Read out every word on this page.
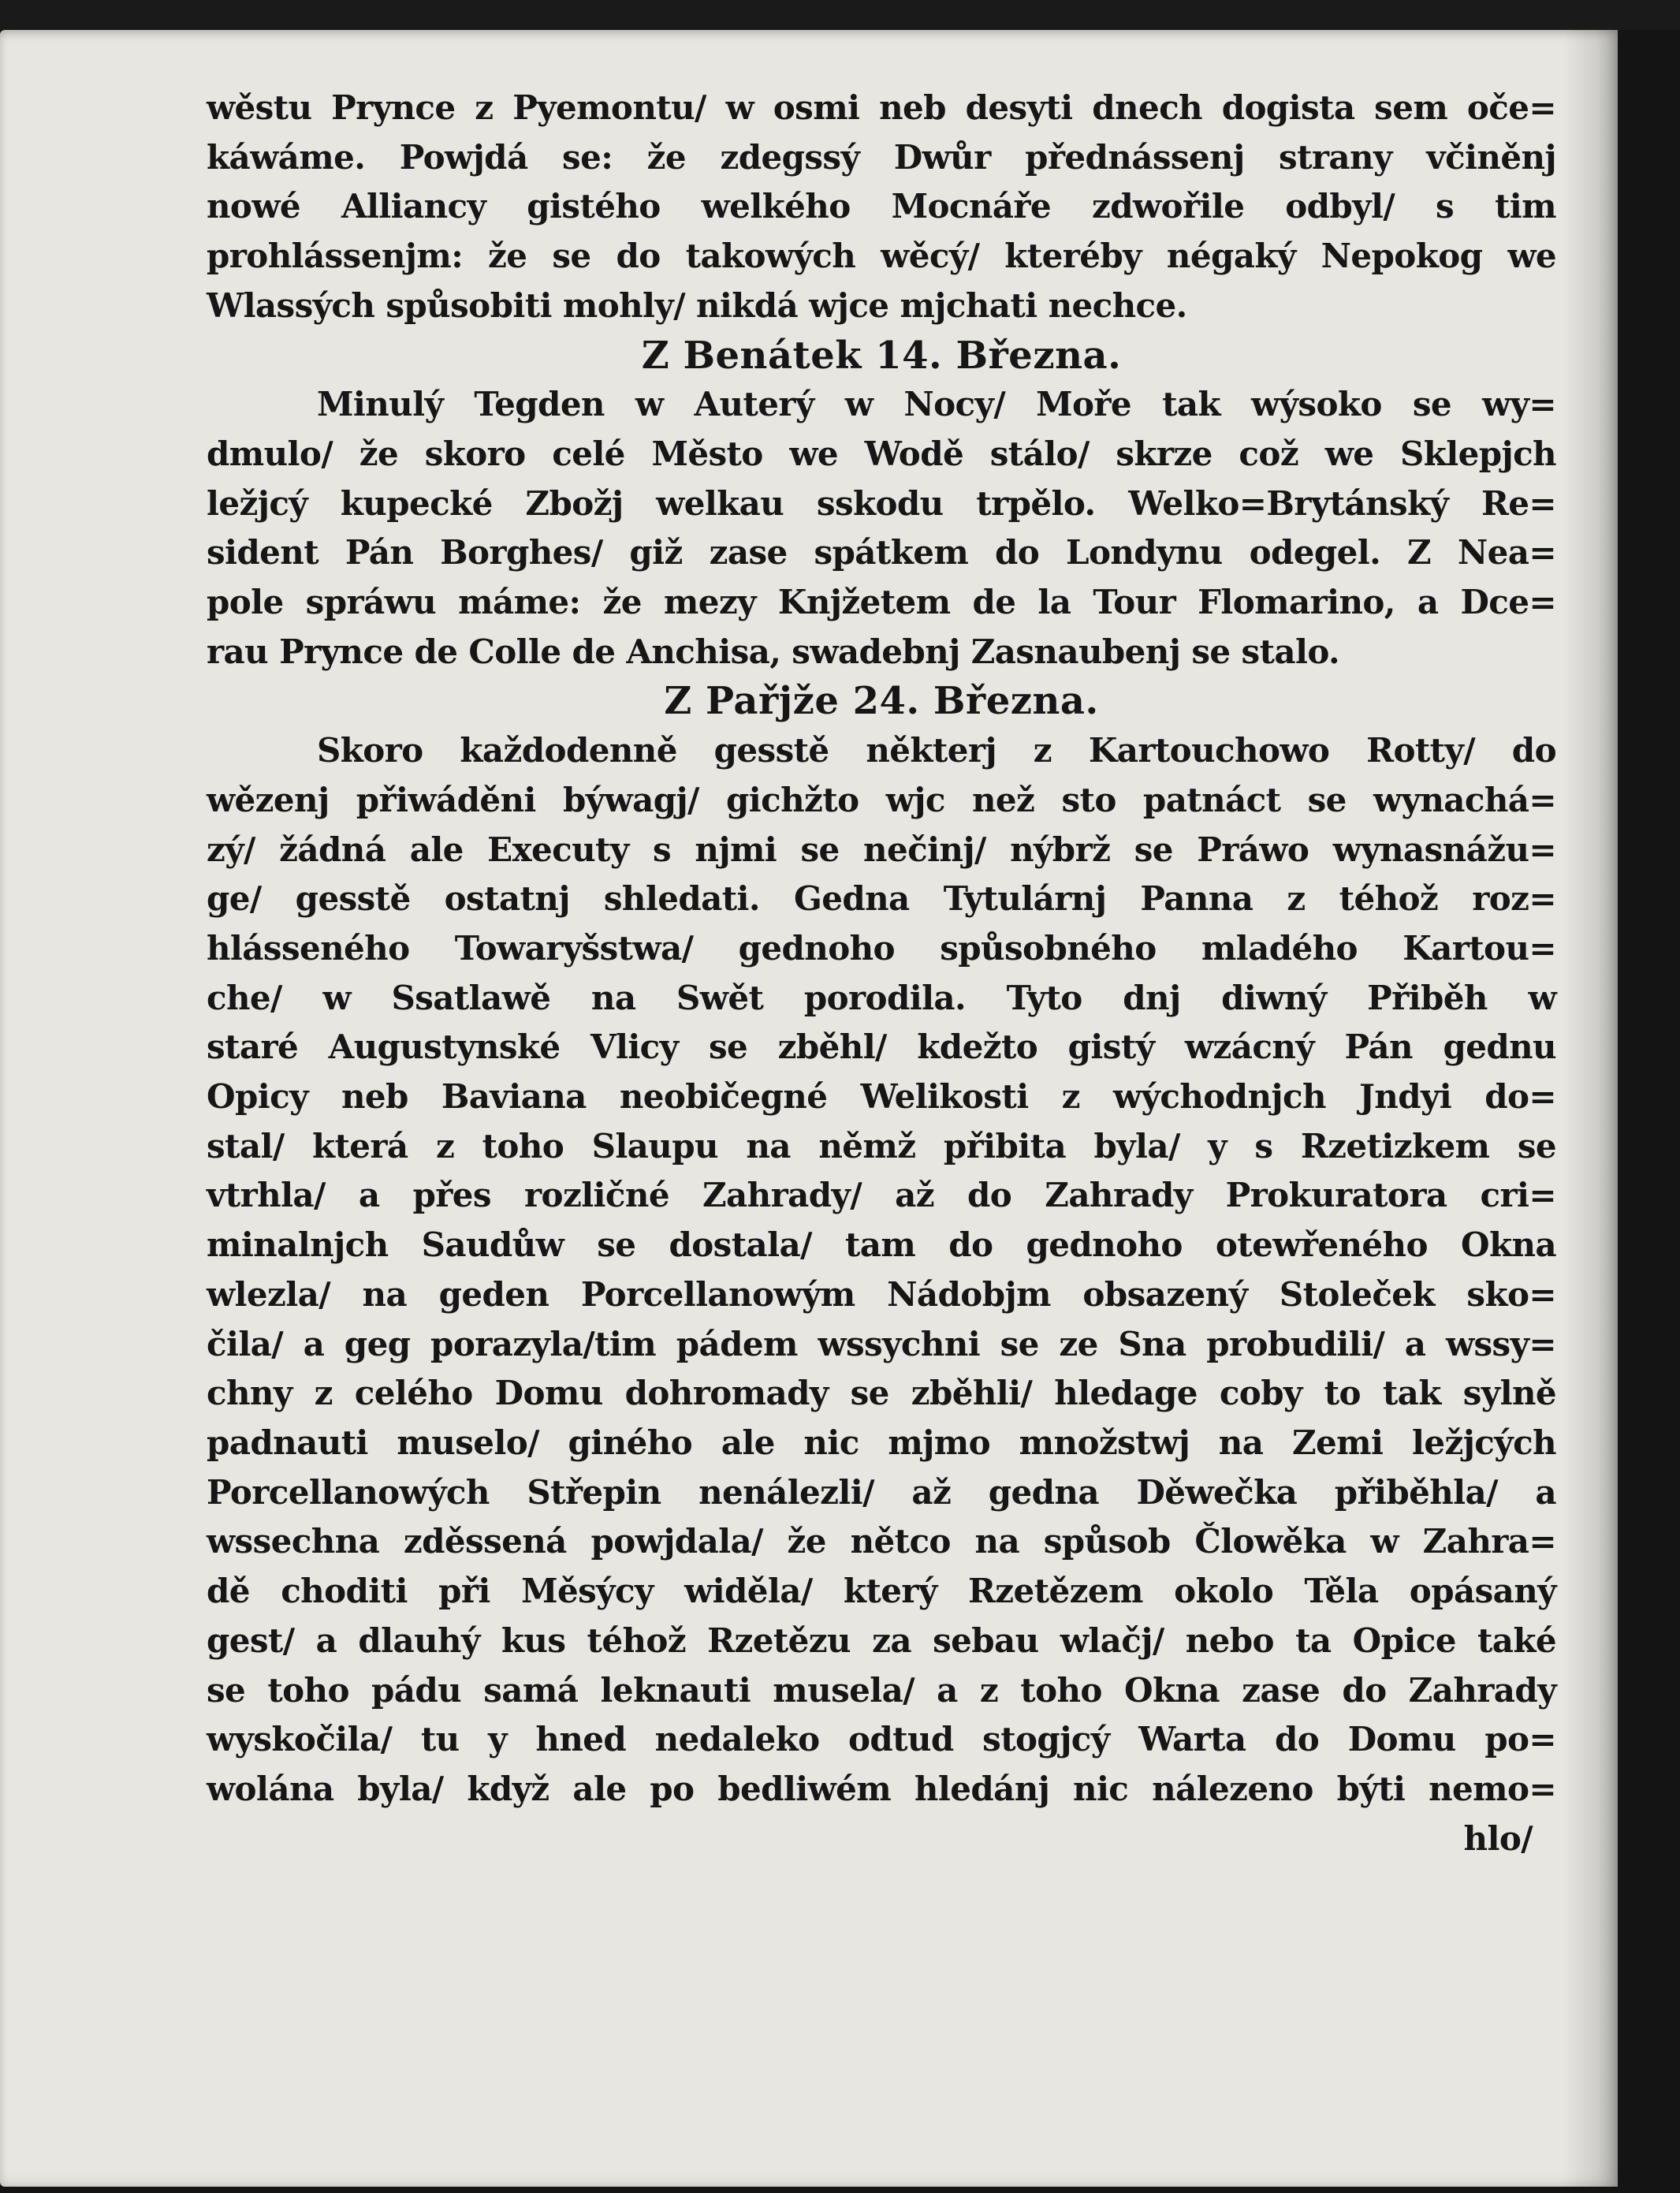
wěstu Prynce z Pyemontu/ w osmi neb desyti dnech dogista sem oče=
káwáme. Powjdá se: že zdegssý Dwůr přednássenj strany včiněnj
nowé Alliancy gistého welkého Mocnáře zdwořile odbyl/ s tim
prohlássenjm: že se do takowých wěcý/ kteréby négaký Nepokog we
Wlassých spůsobiti mohly/ nikdá wjce mjchati nechce.
Z Benátek 14. Března.
Minulý Tegden w Auterý w Nocy/ Moře tak wýsoko se wy=
dmulo/ že skoro celé Město we Wodě stálo/ skrze což we Sklepjch
ležjcý kupecké Zbožj welkau sskodu trpělo. Welko=Brytánský Re=
sident Pán Borghes/ giž zase spátkem do Londynu odegel. Z Nea=
pole spráwu máme: že mezy Knjžetem de la Tour Flomarino, a Dce=
rau Prynce de Colle de Anchisa, swadebnj Zasnaubenj se stalo.
Z Pařjže 24. Března.
Skoro každodenně gesstě některj z Kartouchowo Rotty/ do
wězenj přiwáděni býwagj/ gichžto wjc než sto patnáct se wynachá=
zý/ žádná ale Executy s njmi se nečinj/ nýbrž se Práwo wynasnážu=
ge/ gesstě ostatnj shledati. Gedna Tytulárnj Panna z téhož roz=
hlásseného Towaryšstwa/ gednoho spůsobného mladého Kartou=
che/ w Ssatlawě na Swět porodila. Tyto dnj diwný Přiběh w
staré Augustynské Vlicy se zběhl/ kdežto gistý wzácný Pán gednu
Opicy neb Baviana neobičegné Welikosti z wýchodnjch Jndyi do=
stal/ která z toho Slaupu na němž přibita byla/ y s Rzetizkem se
vtrhla/ a přes rozličné Zahrady/ až do Zahrady Prokuratora cri=
minalnjch Saudůw se dostala/ tam do gednoho otewřeného Okna
wlezla/ na geden Porcellanowým Nádobjm obsazený Stoleček sko=
čila/ a geg porazyla/tim pádem wssychni se ze Sna probudili/ a wssy=
chny z celého Domu dohromady se zběhli/ hledage coby to tak sylně
padnauti muselo/ giného ale nic mjmo množstwj na Zemi ležjcých
Porcellanowých Střepin nenálezli/ až gedna Děwečka přiběhla/ a
wssechna zděssená powjdala/ že nětco na spůsob Člowěka w Zahra=
dě choditi při Měsýcy widěla/ který Rzetězem okolo Těla opásaný
gest/ a dlauhý kus téhož Rzetězu za sebau wlačj/ nebo ta Opice také
se toho pádu samá leknauti musela/ a z toho Okna zase do Zahrady
wyskočila/ tu y hned nedaleko odtud stogjcý Warta do Domu po=
wolána byla/ když ale po bedliwém hledánj nic nálezeno býti nemo=
hlo/
